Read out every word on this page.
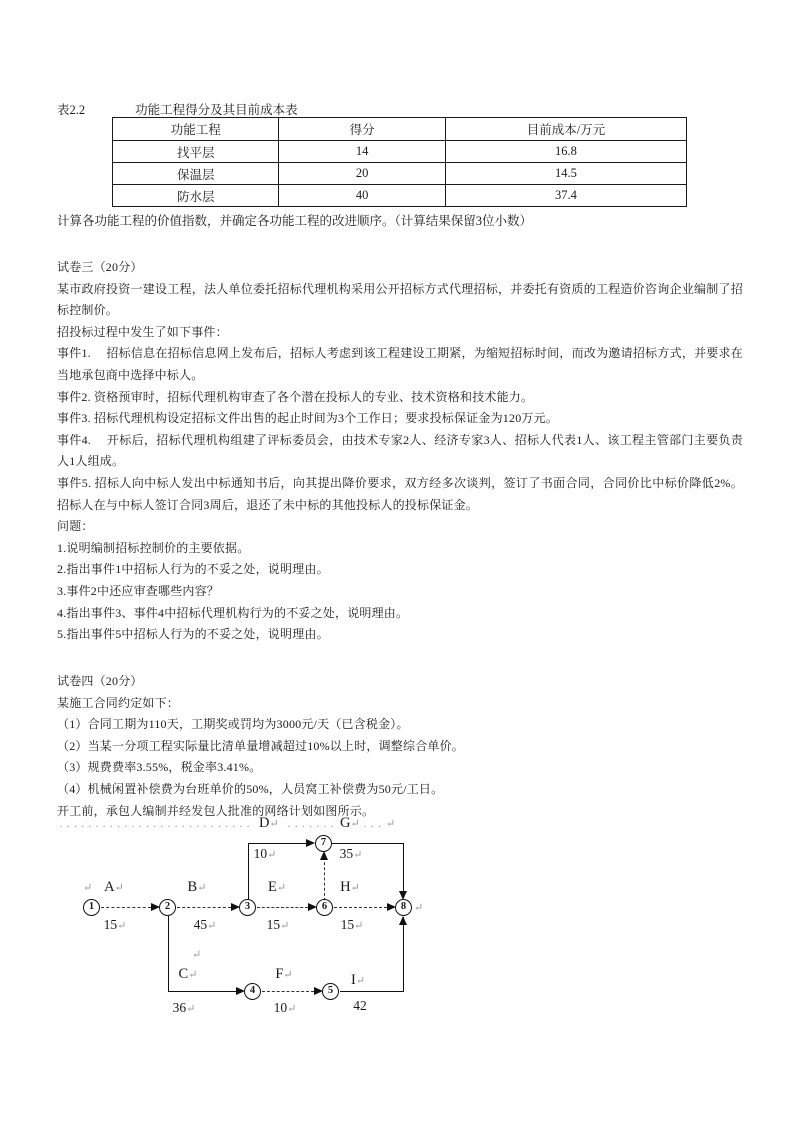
表2.2	功能工程得分及其目前成本表
功能工程	得分	目前成本/万元
找平层	14	16.8
保温层	20	14.5
防水层	40	37.4

计算各功能工程的价值指数，并确定各功能工程的改进顺序。（计算结果保留3位小数）

试卷三（20分）

某市政府投资一建设工程，法人单位委托招标代理机构采用公开招标方式代理招标，并委托有资质的工程造价咨询企业编制了招标控制价。

招投标过程中发生了如下事件：

事件1.　 招标信息在招标信息网上发布后，招标人考虑到该工程建设工期紧，为缩短招标时间，而改为邀请招标方式，并要求在当地承包商中选择中标人。

事件2. 资格预审时，招标代理机构审查了各个潜在投标人的专业、技术资格和技术能力。

事件3. 招标代理机构设定招标文件出售的起止时间为3个工作日；要求投标保证金为120万元。

事件4.　 开标后，招标代理机构组建了评标委员会，由技术专家2人、经济专家3人、招标人代表1人、该工程主管部门主要负责人1人组成。

事件5. 招标人向中标人发出中标通知书后，向其提出降价要求，双方经多次谈判，签订了书面合同，合同价比中标价降低2%。招标人在与中标人签订合同3周后，退还了未中标的其他投标人的投标保证金。

问题：

1.说明编制招标控制价的主要依据。

2.指出事件1中招标人行为的不妥之处，说明理由。

3.事件2中还应审查哪些内容？

4.指出事件3、事件4中招标代理机构行为的不妥之处，说明理由。

5.指出事件5中招标人行为的不妥之处，说明理由。

试卷四（20分）

某施工合同约定如下：

（1）合同工期为110天，工期奖或罚均为3000元/天（已含税金）。

（2）当某一分项工程实际量比清单量增减超过10%以上时，调整综合单价。

（3）规费费率3.55%，税金率3.41%。

（4）机械闲置补偿费为台班单价的50%，人员窝工补偿费为50元/工日。

开工前，承包人编制并经发包人批准的网络计划如图所示。

··························· D↵ ······· G↵ ··· ↵
↵
↵
↵
10↵	35↵
A↵	B↵	E↵	H↵
15↵	45↵	15↵	15↵
C↵
36↵
F↵
10↵
I↵
42
1	2	3
4	5
6
7
8
